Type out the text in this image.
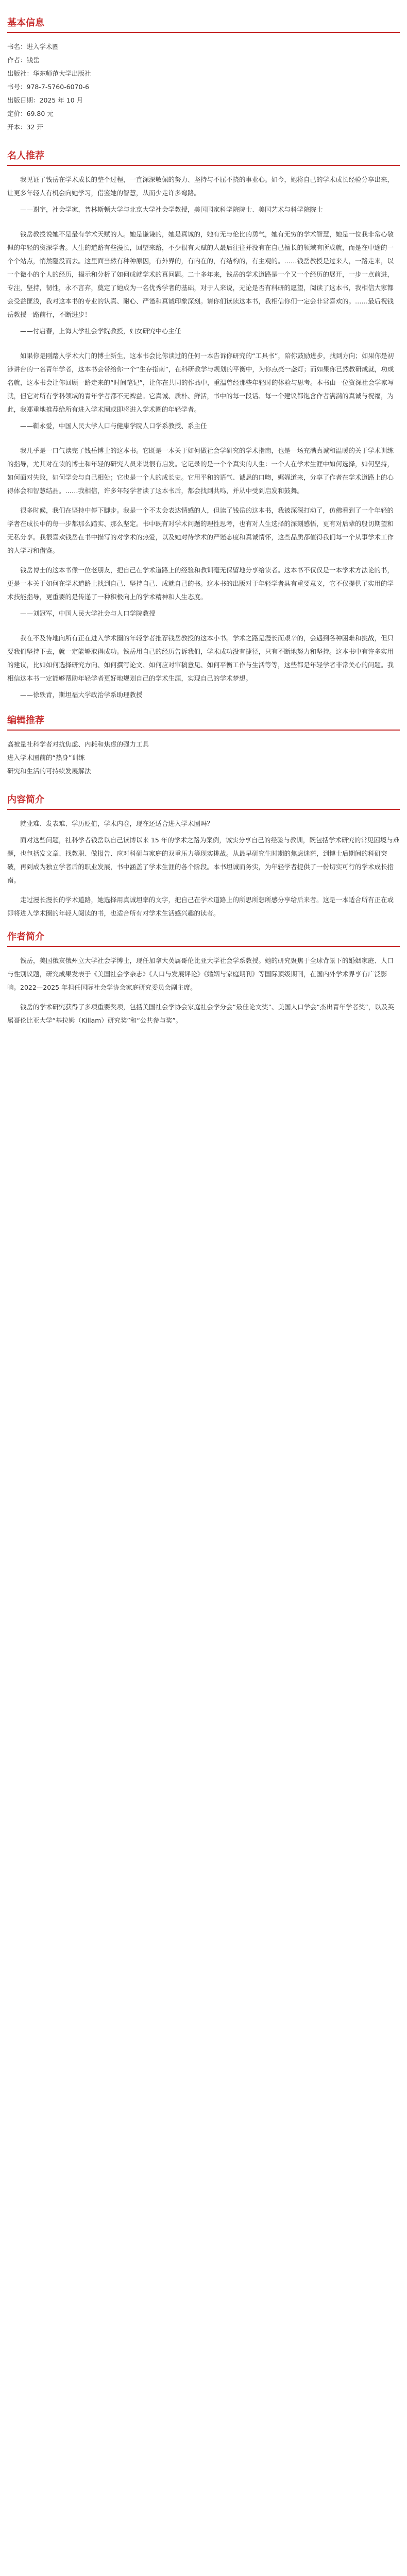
基本信息
书名：进入学术圈
作者：钱岳
出版社：华东师范大学出版社
书号：978-7-5760-6070-6
出版日期：2025 年 10 月
定价：69.80 元
开本：32 开
名人推荐

我见证了钱岳在学术成长的整个过程，一直深深敬佩的努力、坚持与不屈不挠的事业心。如今，她将自己的学术成长经验分享出来，让更多年轻人有机会向她学习，借鉴她的智慧，从而少走许多弯路。

——谢宇，社会学家，普林斯顿大学与北京大学社会学教授，美国国家科学院院士、美国艺术与科学院院士

钱岳教授说她不是最有学术天赋的人。她是谦谦的，她是真诚的，她有无与伦比的勇气，她有无穷的学术智慧，她是一位我非常心敬佩的年轻的资深学者。人生的道路有些漫长，回望来路，不少很有天赋的人最后往往并没有在自己擅长的领域有所成就，而是在中途的一个个站点，悄然隐没而去。这里面当然有种种原因，有外界的，有内在的，有结构的，有主观的。……钱岳教授是过来人，一路走来，以一个微小的个人的经历，揭示和分析了如何成就学术的真问题。二十多年来，钱岳的学术道路是一个又一个经历的展开，一步一点前进，专注，坚持，韧性，永不言弃，奠定了她成为一名优秀学者的基础，对于人来说，无论是否有科研的愿望，阅读了这本书，我相信大家都会受益匪浅，我对这本书的专业的认真、耐心、严谨和真诚印象深刻。请你们读读这本书，我相信你们一定会非常喜欢的。……最后祝钱岳教授一路前行，不断进步！

——付启春，上海大学社会学院教授，妇女研究中心主任

如果你是刚踏入学术大门的博士新生，这本书会比你读过的任何一本告诉你研究的“工具书”，陪你鼓励进步，找到方向；如果你是初涉讲台的一名青年学者，这本书会带给你一个“生存指南”，在科研教学与规划的平衡中，为你点亮一盏灯；而如果你已然教研成就，功成名就，这本书会让你回顾一路走来的“时间笔记”，让你在共同的作品中，重温曾经那些年轻时的体验与思考。本书由一位资深社会学家写就，但它对所有学科领域的青年学者都不无裨益。它真诚、质朴、鲜活，书中的每一段话、每一个建议都饱含作者满满的真诚与祝福，为此，我郑重地推荐给所有进入学术圈或即将进入学术圈的年轻学者。

——靳永爱，中国人民大学人口与健康学院人口学系教授、系主任

我几乎是一口气读完了钱岳博士的这本书。它既是一本关于如何做社会学研究的学术指南，也是一场充满真诚和温暖的关于学术训练的指导，尤其对在读的博士和年轻的研究人员来说很有启发。它记录的是一个个真实的人生：一个人在学术生涯中如何选择，如何坚持，如何面对失败，如何学会与自己相处；它也是一个人的成长史。它用平和的语气、诚恳的口吻，娓娓道来，分享了作者在学术道路上的心得体会和智慧结晶。……我相信，许多年轻学者读了这本书后，都会找到共鸣，并从中受到启发和鼓舞。

很多时候，我们在坚持中停下脚步。我是一个不太会表达情感的人，但读了钱岳的这本书，我被深深打动了，仿佛看到了一个年轻的学者在成长中的每一步都那么踏实、那么坚定。书中既有对学术问题的理性思考，也有对人生选择的深刻感悟，更有对后辈的殷切期望和无私分享。我很喜欢钱岳在书中描写的对学术的热爱，以及她对待学术的严谨态度和真诚情怀，这些品质都值得我们每一个从事学术工作的人学习和借鉴。

钱岳博士的这本书像一位老朋友，把自己在学术道路上的经验和教训毫无保留地分享给读者。这本书不仅仅是一本学术方法论的书，更是一本关于如何在学术道路上找到自己、坚持自己、成就自己的书。这本书的出版对于年轻学者具有重要意义，它不仅提供了实用的学术技能指导，更重要的是传递了一种积极向上的学术精神和人生态度。

——刘冠军，中国人民大学社会与人口学院教授

我在不及待地向所有正在进入学术圈的年轻学者推荐钱岳教授的这本小书。学术之路是漫长而艰辛的，会遇到各种困难和挑战，但只要我们坚持下去，就一定能够取得成功。钱岳用自己的经历告诉我们，学术成功没有捷径，只有不断地努力和坚持。这本书中有许多实用的建议，比如如何选择研究方向、如何撰写论文、如何应对审稿意见、如何平衡工作与生活等等，这些都是年轻学者非常关心的问题。我相信这本书一定能够帮助年轻学者更好地规划自己的学术生涯，实现自己的学术梦想。

——徐轶青，斯坦福大学政治学系助理教授

编辑推荐
高被量社科学者对抗焦虑、内耗和焦虑的强力工具
进入学术圈前的“热身”训练
研究和生活的可持续发展解法
内容简介

就业难、发表难、学历贬值，学术内卷，现在还适合进入学术圈吗？

面对这些问题，社科学者钱岳以自己读博以来 15 年的学术之路为案例，诚实分享自己的经验与教训，既包括学术研究的常见困境与难题，也包括发文章、找教职、做报告、应对科研与家庭的双重压力等现实挑战。从最早研究生时期的焦虑迷茫，到博士后期间的科研突破，再到成为独立学者后的职业发展，书中涵盖了学术生涯的各个阶段。本书坦诚而务实，为年轻学者提供了一份切实可行的学术成长指南。

走过漫长漫长的学术道路，她选择用真诚坦率的文字，把自己在学术道路上的所思所想所感分享给后来者。这是一本适合所有正在或即将进入学术圈的年轻人阅读的书，也适合所有对学术生活感兴趣的读者。

作者简介

钱岳，美国俄亥俄州立大学社会学博士，现任加拿大英属哥伦比亚大学社会学系教授。她的研究聚焦于全球背景下的婚姻家庭、人口与性别议题，研究成果发表于《美国社会学杂志》《人口与发展评论》《婚姻与家庭期刊》等国际顶级期刊，在国内外学术界享有广泛影响。2022—2025 年担任国际社会学协会家庭研究委员会副主席。

钱岳的学术研究获得了多项重要奖项，包括美国社会学协会家庭社会学分会“最佳论文奖”、美国人口学会“杰出青年学者奖”，以及英属哥伦比亚大学“基拉姆（Killam）研究奖”和“公共参与奖”。
